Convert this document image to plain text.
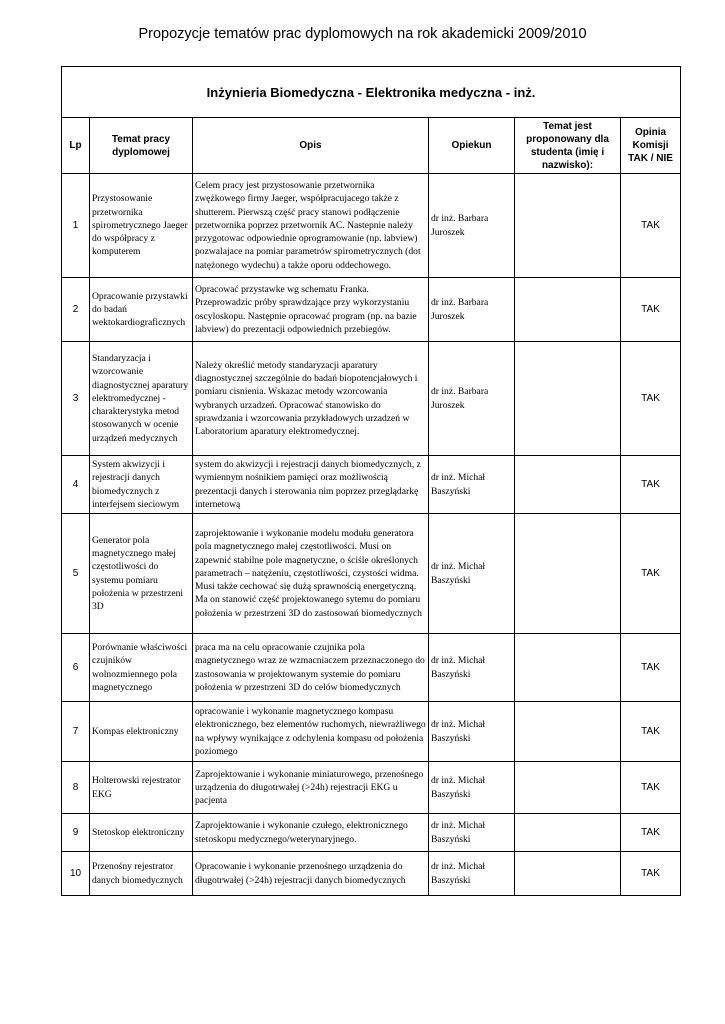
Propozycje tematów prac dyplomowych na rok akademicki 2009/2010
Inżynieria Biomedyczna - Elektronika medyczna - inż.					
Lp	Temat pracy dyplomowej	Opis	Opiekun	Temat jest proponowany dla studenta (imię i nazwisko):	Opinia Komisji TAK / NIE
1	Przystosowanie przetwornika spirometrycznego Jaeger do współpracy z komputerem	Celem pracy jest przystosowanie przetwornika zwężkowego firmy Jaeger, współpracujacego także z shutterem. Pierwszą część pracy stanowi podłączenie przetwornika poprzez przetwornik AC. Nastepnie należy przygotowac odpowiednie oprogramowanie (np. labview) pozwalajace na pomiar parametrów spirometrycznych (dot natężonego wydechu) a także oporu oddechowego.	dr inż. Barbara Juroszek		TAK
2	Opracowanie przystawki do badań wektokardiograficznych	Opracować przystawke wg schematu Franka. Przeprowadzic próby sprawdzające przy wykorzystaniu oscyloskopu. Następnie opracować program (np. na bazie labview) do prezentacji odpowiednich przebiegów.	dr inż. Barbara Juroszek		TAK
3	Standaryzacja i wzorcowanie diagnostycznej aparatury elektromedycznej - charakterystyka metod stosowanych w ocenie urządzeń medycznych	Należy określić metody standaryzacji aparatury diagnostycznej szczególnie do badań biopotencjałowych i pomiaru cisnienia. Wskazac metody wzorcowania wybranych urzadzeń. Opracować stanowisko do sprawdzania i wzorcowania przykładowych urzadzeń w Laboratorium aparatury elektromedycznej.	dr inż. Barbara Juroszek		TAK
4	System akwizycji i rejestracji danych biomedycznych z interfejsem sieciowym	system do akwizycji i rejestracji danych biomedycznych, z wymiennym nośnikiem pamięci oraz możliwością prezentacji danych i sterowania nim poprzez przeglądarkę internetową	dr inż. Michał Baszyński		TAK
5	Generator pola magnetycznego małej częstotliwości do systemu pomiaru położenia w przestrzeni 3D	zaprojektowanie i wykonanie modelu modułu generatora pola magnetycznego małej częstotliwości. Musi on zapewnić stabilne pole magnetyczne, o ściśle określonych parametrach – natężeniu, częstotliwości, czystości widma. Musi także cechować się dużą sprawnością energetyczną. Ma on stanowić część projektowanego sytemu do pomiaru położenia w przestrzeni 3D do zastosowań biomedycznych	dr inż. Michał Baszyński		TAK
6	Porównanie właściwości czujników wolnozmiennego pola magnetycznego	praca ma na celu opracowanie czujnika pola magnetycznego wraz ze wzmacniaczem przeznaczonego do zastosowania w projektowanym systemie do pomiaru położenia w przestrzeni 3D do celów biomedycznych	dr inż. Michał Baszyński		TAK
7	Kompas elektroniczny	opracowanie i wykonanie magnetycznego kompasu elektronicznego, bez elementów ruchomych, niewrażliwego na wpływy wynikające z odchylenia kompasu od położenia poziomego	dr inż. Michał Baszyński		TAK
8	Holterowski rejestrator EKG	Zaprojektowanie i wykonanie miniaturowego, przenośnego urządzenia do długotrwałej (>24h) rejestracji EKG u pacjenta	dr inż. Michał Baszyński		TAK
9	Stetoskop elektroniczny	Zaprojektowanie i wykonanie czułego, elektronicznego stetoskopu medycznego/weterynaryjnego.	dr inż. Michał Baszyński		TAK
10	Przenośny rejestrator danych biomedycznych	Opracowanie i wykonanie przenośnego urządzenia do długotrwałej (>24h) rejestracji danych biomedycznych	dr inż. Michał Baszyński		TAK
